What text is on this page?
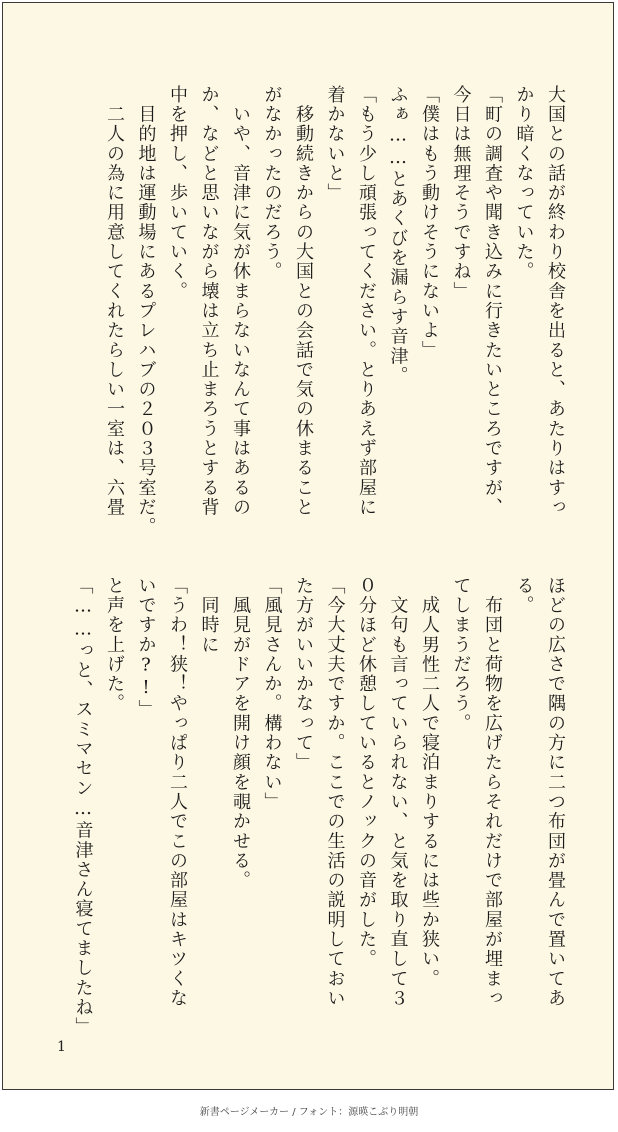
大国との話が終わり校舎を出ると、あたりはすっ
かり暗くなっていた。
「町の調査や聞き込みに行きたいところですが、
今日は無理そうですね」
「僕はもう動けそうにないよ」
ふぁ……とあくびを漏らす音津。
「もう少し頑張ってください。とりあえず部屋に
着かないと」
　移動続きからの大国との会話で気の休まること
がなかったのだろう。
　いや、音津に気が休まらないなんて事はあるの
か、などと思いながら壊は立ち止まろうとする背
中を押し、歩いていく。
　目的地は運動場にあるプレハブの２０３号室だ。
　二人の為に用意してくれたらしい一室は、六畳
ほどの広さで隅の方に二つ布団が畳んで置いてあ
る。
　布団と荷物を広げたらそれだけで部屋が埋まっ
てしまうだろう。
　成人男性二人で寝泊まりするには些か狭い。
　文句も言っていられない、と気を取り直して３
０分ほど休憩しているとノックの音がした。
「今大丈夫ですか。ここでの生活の説明しておい
た方がいいかなって」
「風見さんか。構わない」
　風見がドアを開け顔を覗かせる。
　同時に
「うわ！狭！やっぱり二人でこの部屋はキツくな
いですか?!」
と声を上げた。
「……っと、スミマセン…音津さん寝てましたね」
1
新書ページメーカー / フォント：源暎こぶり明朝
